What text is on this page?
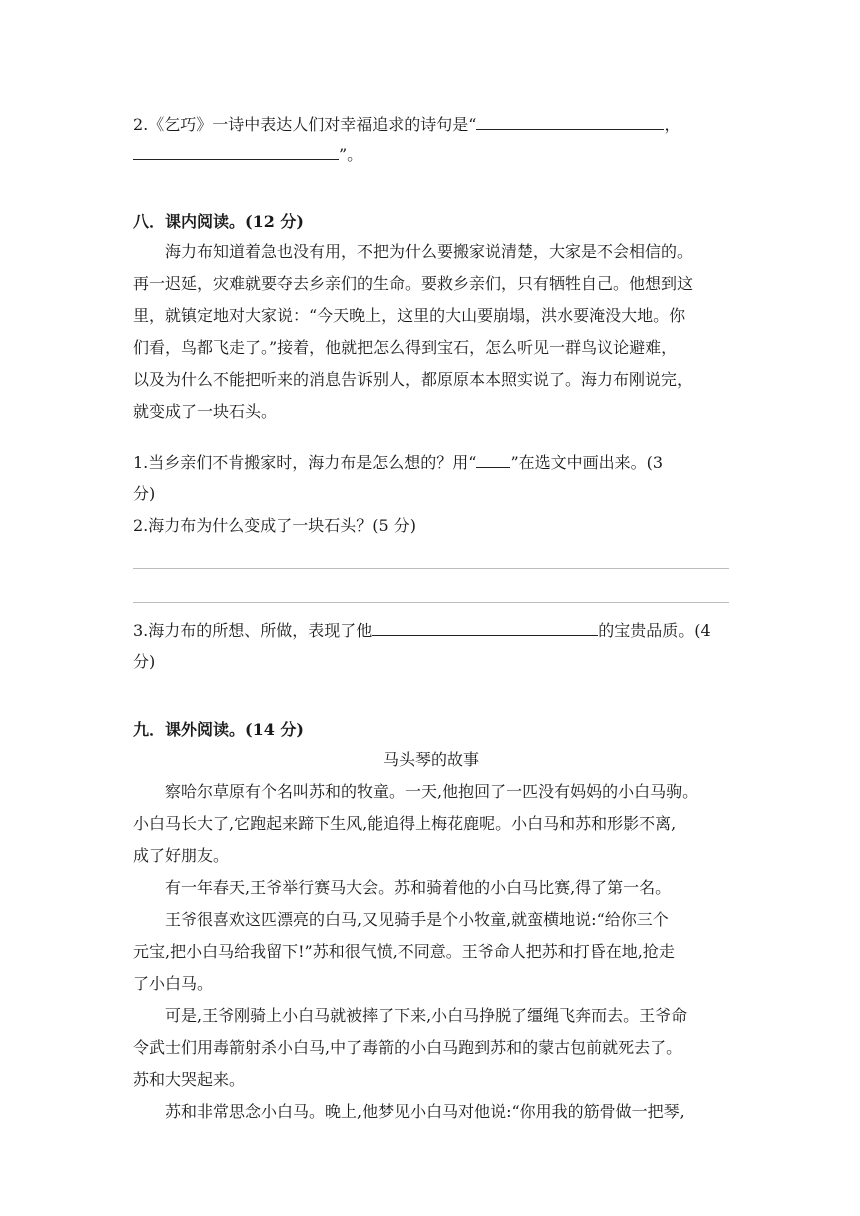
2.《乞巧》一诗中表达人们对幸福追求的诗句是“	，
”。
八．课内阅读。(12 分)
海力布知道着急也没有用，不把为什么要搬家说清楚，大家是不会相信的。
再一迟延，灾难就要夺去乡亲们的生命。要救乡亲们，只有牺牲自己。他想到这
里，就镇定地对大家说：“今天晚上，这里的大山要崩塌，洪水要淹没大地。你
们看，鸟都飞走了。”接着，他就把怎么得到宝石，怎么听见一群鸟议论避难，
以及为什么不能把听来的消息告诉别人，都原原本本照实说了。海力布刚说完，
就变成了一块石头。
1.当乡亲们不肯搬家时，海力布是怎么想的？用“ ”在选文中画出来。(3
分)
2.海力布为什么变成了一块石头？(5 分)
3.海力布的所想、所做，表现了他	的宝贵品质。(4
分)
九．课外阅读。(14 分)
马头琴的故事
察哈尔草原有个名叫苏和的牧童。一天,他抱回了一匹没有妈妈的小白马驹。
小白马长大了,它跑起来蹄下生风,能追得上梅花鹿呢。小白马和苏和形影不离,
成了好朋友。
有一年春天,王爷举行赛马大会。苏和骑着他的小白马比赛,得了第一名。
王爷很喜欢这匹漂亮的白马,又见骑手是个小牧童,就蛮横地说:“给你三个
元宝,把小白马给我留下!”苏和很气愤,不同意。王爷命人把苏和打昏在地,抢走
了小白马。
可是,王爷刚骑上小白马就被摔了下来,小白马挣脱了缰绳飞奔而去。王爷命
令武士们用毒箭射杀小白马,中了毒箭的小白马跑到苏和的蒙古包前就死去了。
苏和大哭起来。
苏和非常思念小白马。晚上,他梦见小白马对他说:“你用我的筋骨做一把琴,
